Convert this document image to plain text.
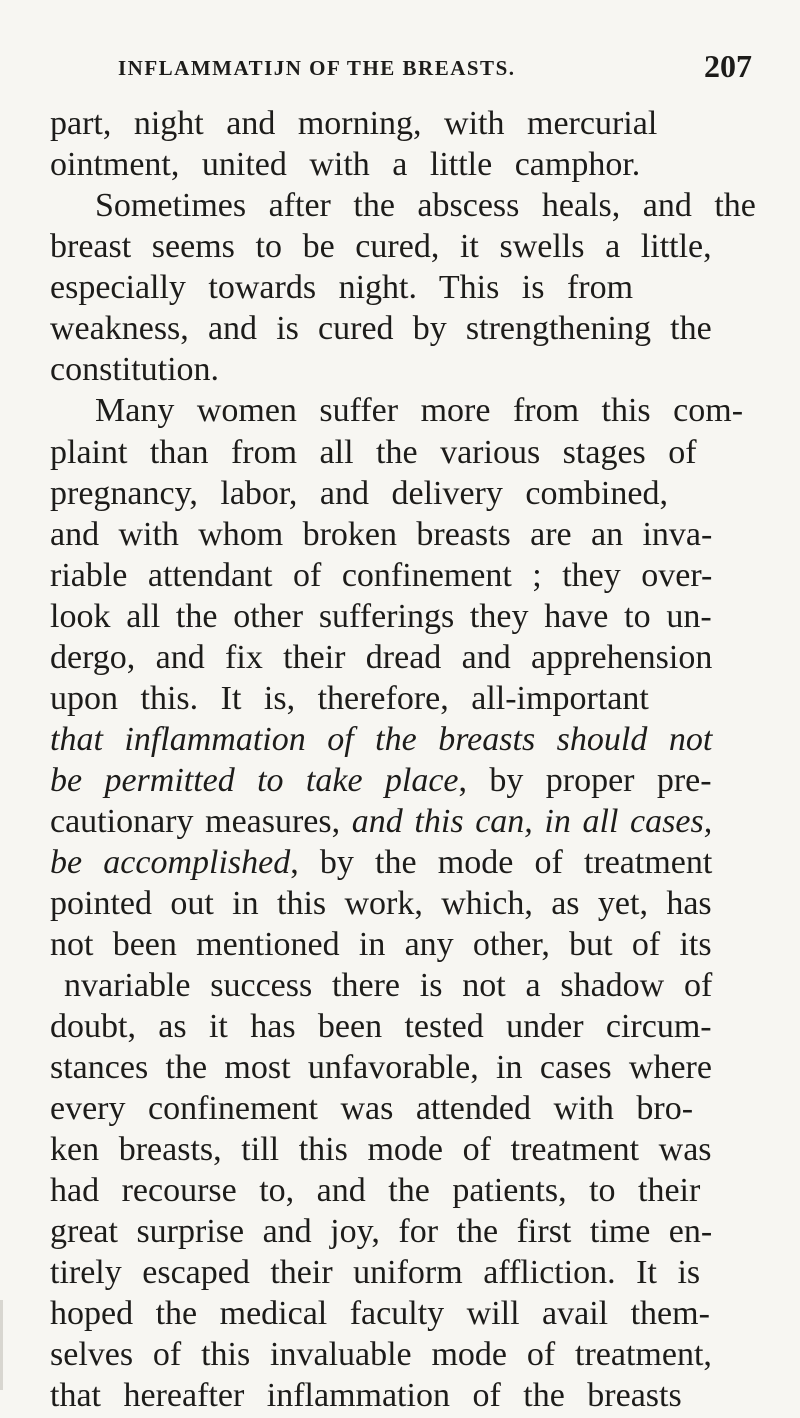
INFLAMMATIJN OF THE BREASTS.	207
part, night and morning, with mercurial
ointment, united with a little camphor.
Sometimes after the abscess heals, and the
breast seems to be cured, it swells a little,
especially towards night. This is from
weakness, and is cured by strengthening the
constitution.
Many women suffer more from this com-
plaint than from all the various stages of
pregnancy, labor, and delivery combined,
and with whom broken breasts are an inva-
riable attendant of confinement ; they over-
look all the other sufferings they have to un-
dergo, and fix their dread and apprehension
upon this. It is, therefore, all-important
that inflammation of the breasts should not
be permitted to take place, by proper pre-
cautionary measures, and this can, in all cases,
be accomplished, by the mode of treatment
pointed out in this work, which, as yet, has
not been mentioned in any other, but of its
nvariable success there is not a shadow of
doubt, as it has been tested under circum-
stances the most unfavorable, in cases where
every confinement was attended with bro-
ken breasts, till this mode of treatment was
had recourse to, and the patients, to their
great surprise and joy, for the first time en-
tirely escaped their uniform affliction. It is
hoped the medical faculty will avail them-
selves of this invaluable mode of treatment,
that hereafter inflammation of the breasts
